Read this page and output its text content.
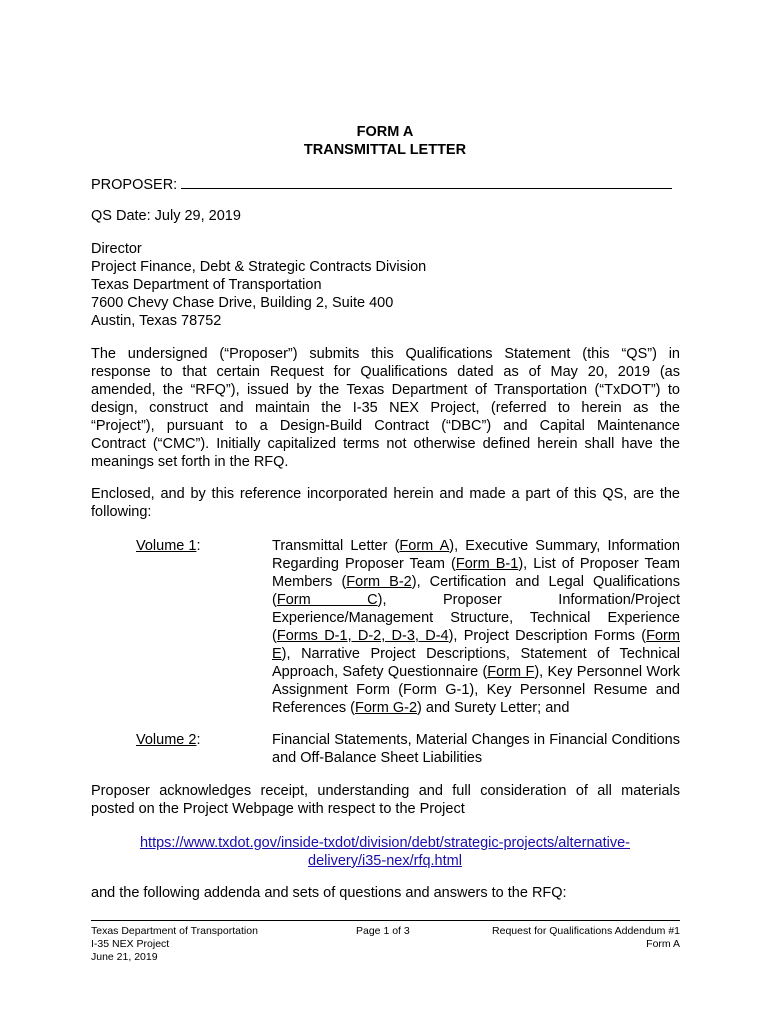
FORM A
TRANSMITTAL LETTER
PROPOSER:
QS Date: July 29, 2019
Director
Project Finance, Debt & Strategic Contracts Division
Texas Department of Transportation
7600 Chevy Chase Drive, Building 2, Suite 400
Austin, Texas 78752
The undersigned (“Proposer”) submits this Qualifications Statement (this “QS”) in
response to that certain Request for Qualifications dated as of May 20, 2019 (as
amended, the “RFQ”), issued by the Texas Department of Transportation (“TxDOT”) to
design, construct and maintain the I-35 NEX Project, (referred to herein as the
“Project”), pursuant to a Design-Build Contract (“DBC”) and Capital Maintenance
Contract (“CMC”). Initially capitalized terms not otherwise defined herein shall have the
meanings set forth in the RFQ.
Enclosed, and by this reference incorporated herein and made a part of this QS, are the
following:
Volume 1:	Transmittal Letter (Form A), Executive Summary, Information Regarding Proposer Team (Form B-1), List of Proposer Team Members (Form B-2), Certification and Legal Qualifications (Form C), Proposer Information/Project Experience/Management Structure, Technical Experience (Forms D-1, D-2, D-3, D-4), Project Description Forms (Form E), Narrative Project Descriptions, Statement of Technical Approach, Safety Questionnaire (Form F), Key Personnel Work Assignment Form (Form G-1), Key Personnel Resume and References (Form G-2) and Surety Letter; and
Volume 2:	Financial Statements, Material Changes in Financial Conditions and Off-Balance Sheet Liabilities
Proposer acknowledges receipt, understanding and full consideration of all materials
posted on the Project Webpage with respect to the Project
https://www.txdot.gov/inside-txdot/division/debt/strategic-projects/alternative-
delivery/i35-nex/rfq.html
and the following addenda and sets of questions and answers to the RFQ:
Texas Department of Transportation
I-35 NEX Project
June 21, 2019
Page 1 of 3	Request for Qualifications Addendum #1
Form A
